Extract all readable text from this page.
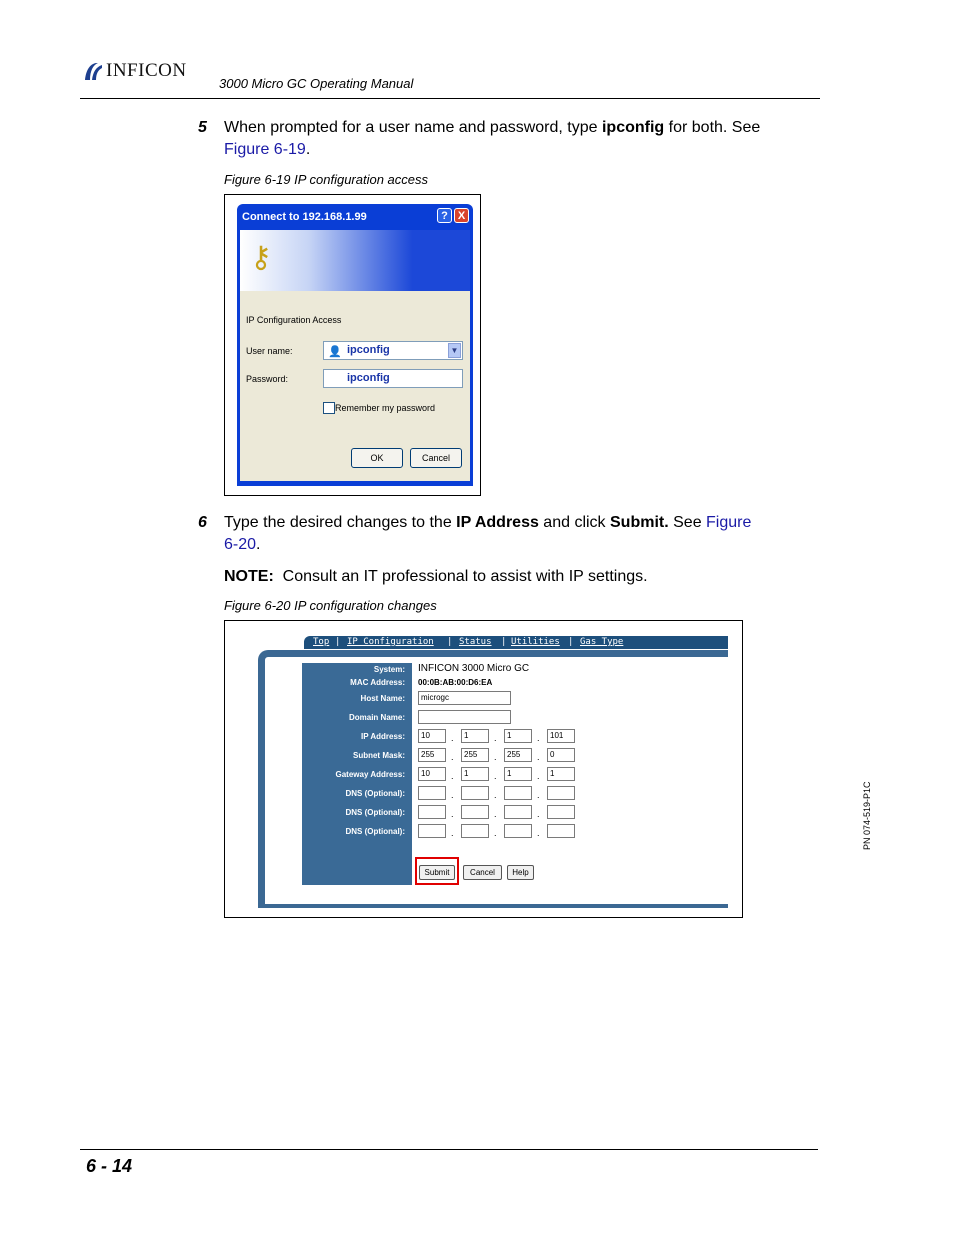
INFICON
3000 Micro GC Operating Manual
5 When prompted for a user name and password, type ipconfig for both. See
Figure 6-19.
Figure 6-19 IP configuration access
Connect to 192.168.1.99	? X
⚷
IP Configuration Access
User name:	👤 ipconfig	▼
Password:	ipconfig
Remember my password
OK	Cancel
6 Type the desired changes to the IP Address and click Submit. See Figure
6-20.
NOTE: Consult an IT professional to assist with IP settings.
Figure 6-20 IP configuration changes
Top | IP Configuration | Status | Utilities | Gas Type
System: INFICON 3000 Micro GC
MAC Address: 00:0B:AB:00:D6:EA
Host Name:	microgc
Domain Name:
IP Address:	10	.	1	.	1	.	101
Subnet Mask:	255	.	255	.	255	.	0
Gateway Address:	10	.	1	.	1	.	1
DNS (Optional):	.	.	.
DNS (Optional):	.	.	.
DNS (Optional):	.	.	.
Submit	Cancel	Help
PN 074-519-P1C
6 - 14
